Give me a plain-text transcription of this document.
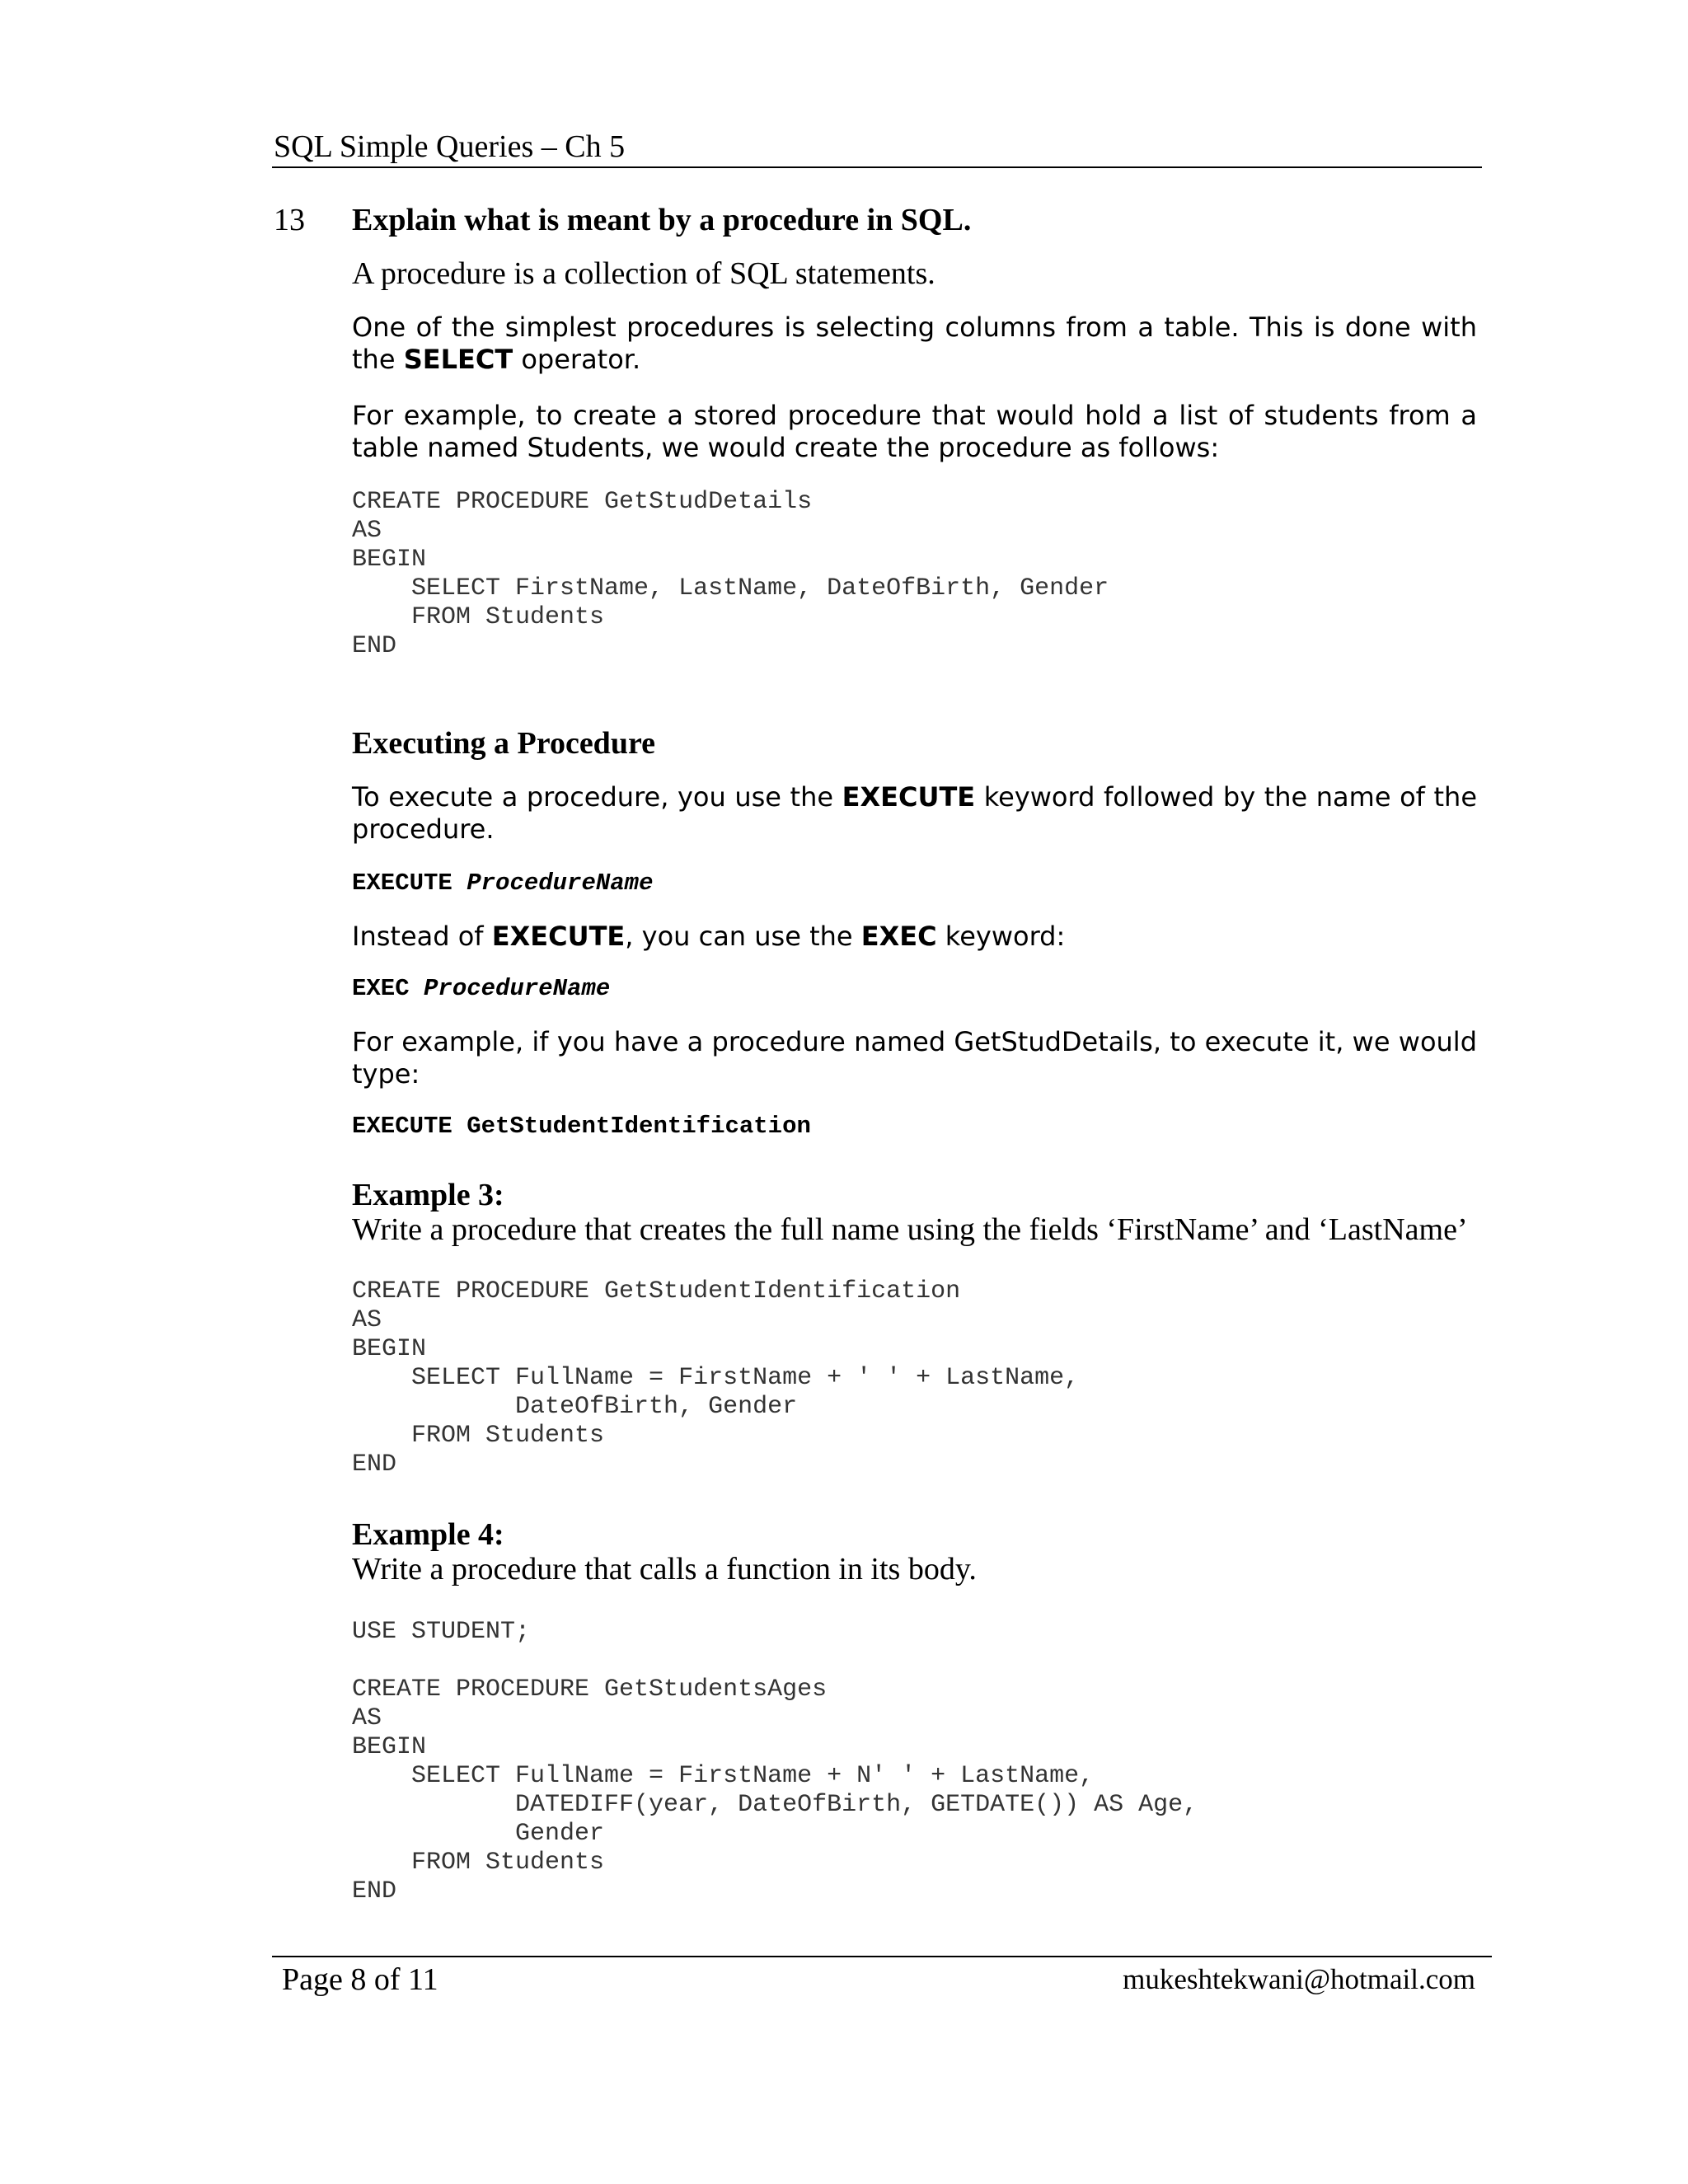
SQL Simple Queries – Ch 5
13 Explain what is meant by a procedure in SQL.
A procedure is a collection of SQL statements.
One of the simplest procedures is selecting columns from a table. This is done with the SELECT operator.
For example, to create a stored procedure that would hold a list of students from a table named Students, we would create the procedure as follows:
CREATE PROCEDURE GetStudDetails
AS
BEGIN
SELECT FirstName, LastName, DateOfBirth, Gender
FROM Students
END
Executing a Procedure
To execute a procedure, you use the EXECUTE keyword followed by the name of the procedure.
EXECUTE ProcedureName
Instead of EXECUTE, you can use the EXEC keyword:
EXEC ProcedureName
For example, if you have a procedure named GetStudDetails, to execute it, we would type:
EXECUTE GetStudentIdentification
Example 3:
Write a procedure that creates the full name using the fields ‘FirstName’ and ‘LastName’
CREATE PROCEDURE GetStudentIdentification
AS
BEGIN
SELECT FullName = FirstName + ' ' + LastName,
DateOfBirth, Gender
FROM Students
END
Example 4:
Write a procedure that calls a function in its body.
USE STUDENT;

CREATE PROCEDURE GetStudentsAges
AS
BEGIN
SELECT FullName = FirstName + N' ' + LastName,
DATEDIFF(year, DateOfBirth, GETDATE()) AS Age,
Gender
FROM Students
END
Page 8 of 11	mukeshtekwani@hotmail.com
